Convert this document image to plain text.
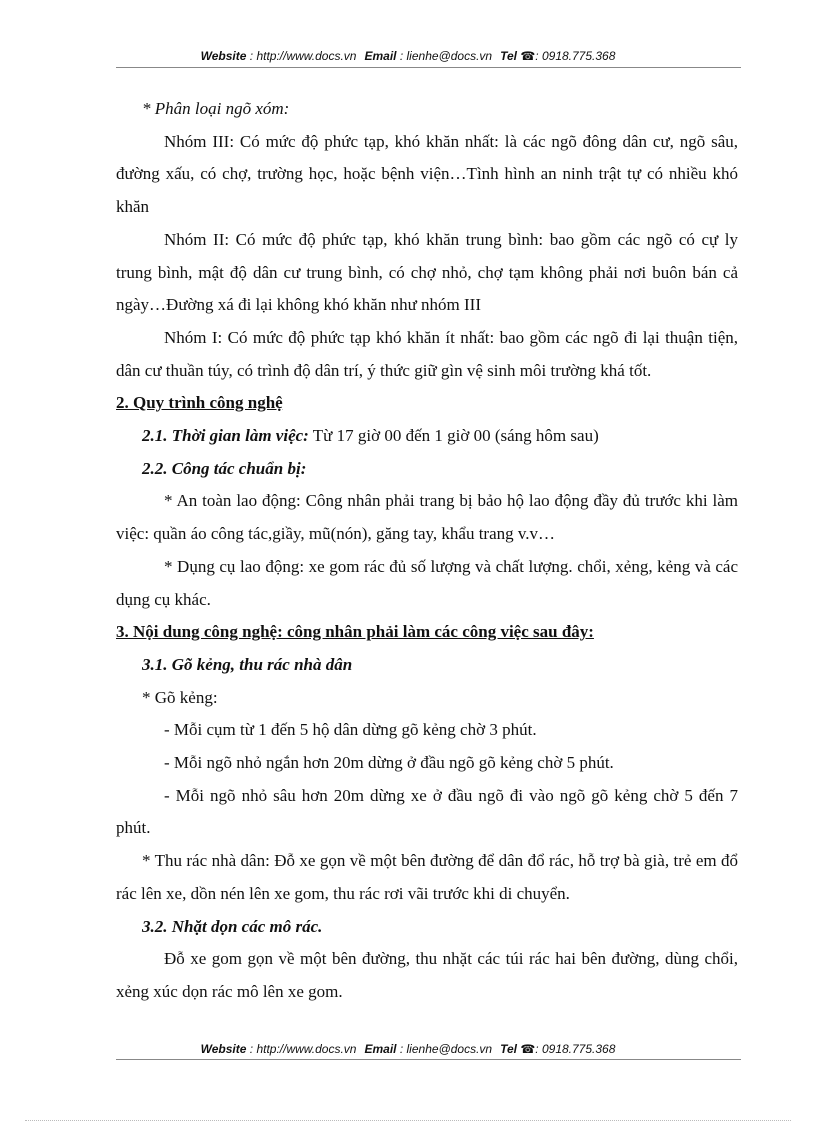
Website : http://www.docs.vn Email : lienhe@docs.vn Tel ☎: 0918.775.368

* Phân loại ngõ xóm:

Nhóm III: Có mức độ phức tạp, khó khăn nhất: là các ngõ đông dân cư, ngõ sâu, đường xấu, có chợ, trường học, hoặc bệnh viện…Tình hình an ninh trật tự có nhiều khó khăn

Nhóm II: Có mức độ phức tạp, khó khăn trung bình: bao gồm các ngõ có cự ly trung bình, mật độ dân cư trung bình, có chợ nhỏ, chợ tạm không phải nơi buôn bán cả ngày…Đường xá đi lại không khó khăn như nhóm III

Nhóm I: Có mức độ phức tạp khó khăn ít nhất: bao gồm các ngõ đi lại thuận tiện, dân cư thuần túy, có trình độ dân trí, ý thức giữ gìn vệ sinh môi trường khá tốt.

2. Quy trình công nghệ

2.1. Thời gian làm việc: Từ 17 giờ 00 đến 1 giờ 00 (sáng hôm sau)

2.2. Công tác chuẩn bị:

* An toàn lao động: Công nhân phải trang bị bảo hộ lao động đầy đủ trước khi làm việc: quần áo công tác,giầy, mũ(nón), găng tay, khẩu trang v.v…

* Dụng cụ lao động: xe gom rác đủ số lượng và chất lượng. chổi, xẻng, kẻng và các dụng cụ khác.

3. Nội dung công nghệ: công nhân phải làm các công việc sau đây:

3.1. Gõ kẻng, thu rác nhà dân

* Gõ kẻng:

- Mỗi cụm từ 1 đến 5 hộ dân dừng gõ kẻng chờ 3 phút.

- Mỗi ngõ nhỏ ngắn hơn 20m dừng ở đầu ngõ gõ kẻng chờ 5 phút.

- Mỗi ngõ nhỏ sâu hơn 20m dừng xe ở đầu ngõ đi vào ngõ gõ kẻng chờ 5 đến 7 phút.

* Thu rác nhà dân: Đỗ xe gọn về một bên đường để dân đổ rác, hỗ trợ bà già, trẻ em đổ rác lên xe, dồn nén lên xe gom, thu rác rơi vãi trước khi di chuyển.

3.2. Nhặt dọn các mô rác.

Đỗ xe gom gọn về một bên đường, thu nhặt các túi rác hai bên đường, dùng chổi, xẻng xúc dọn rác mô lên xe gom.

Website : http://www.docs.vn Email : lienhe@docs.vn Tel ☎: 0918.775.368
